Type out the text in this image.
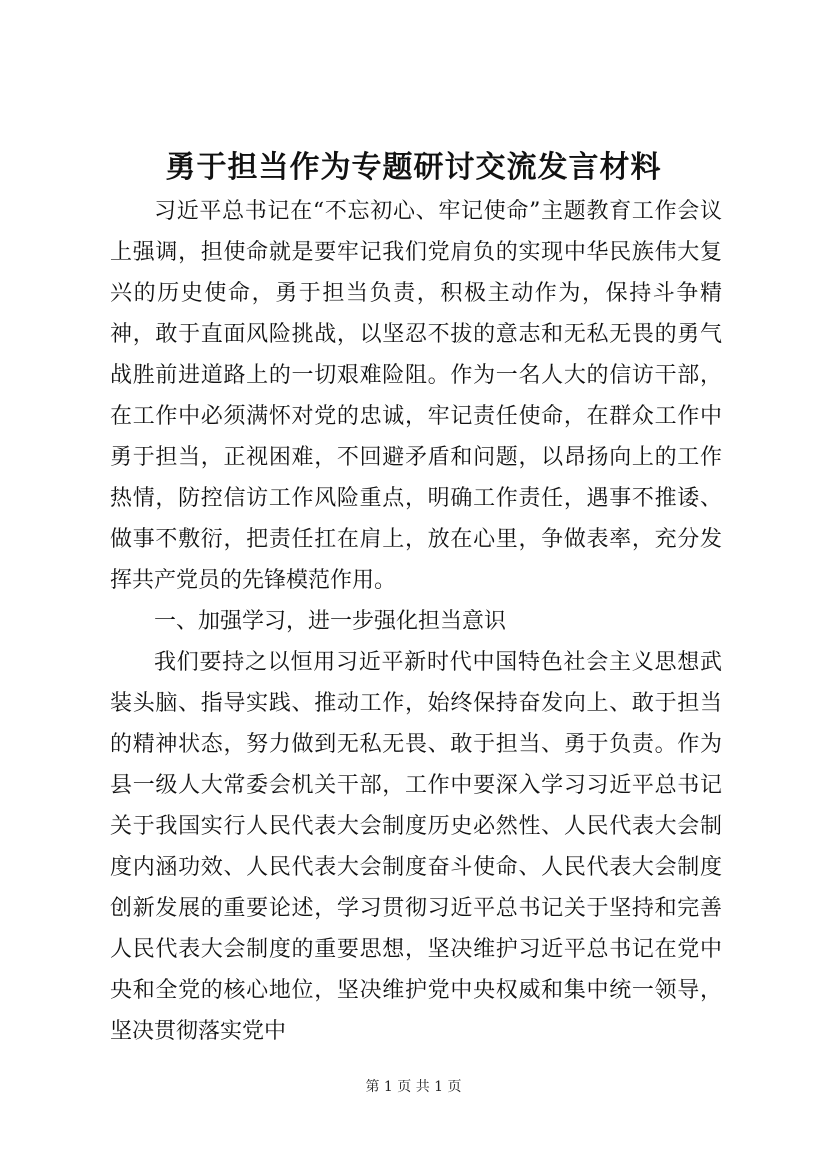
勇于担当作为专题研讨交流发言材料

习近平总书记在“不忘初心、牢记使命”主题教育工作会议上强调，担使命就是要牢记我们党肩负的实现中华民族伟大复兴的历史使命，勇于担当负责，积极主动作为，保持斗争精神，敢于直面风险挑战，以坚忍不拔的意志和无私无畏的勇气战胜前进道路上的一切艰难险阻。作为一名人大的信访干部，在工作中必须满怀对党的忠诚，牢记责任使命，在群众工作中勇于担当，正视困难，不回避矛盾和问题，以昂扬向上的工作热情，防控信访工作风险重点，明确工作责任，遇事不推诿、做事不敷衍，把责任扛在肩上，放在心里，争做表率，充分发挥共产党员的先锋模范作用。

一、加强学习，进一步强化担当意识

我们要持之以恒用习近平新时代中国特色社会主义思想武装头脑、指导实践、推动工作，始终保持奋发向上、敢于担当的精神状态，努力做到无私无畏、敢于担当、勇于负责。作为县一级人大常委会机关干部，工作中要深入学习习近平总书记关于我国实行人民代表大会制度历史必然性、人民代表大会制度内涵功效、人民代表大会制度奋斗使命、人民代表大会制度创新发展的重要论述，学习贯彻习近平总书记关于坚持和完善人民代表大会制度的重要思想，坚决维护习近平总书记在党中央和全党的核心地位，坚决维护党中央权威和集中统一领导，坚决贯彻落实党中

第 1 页 共 1 页
